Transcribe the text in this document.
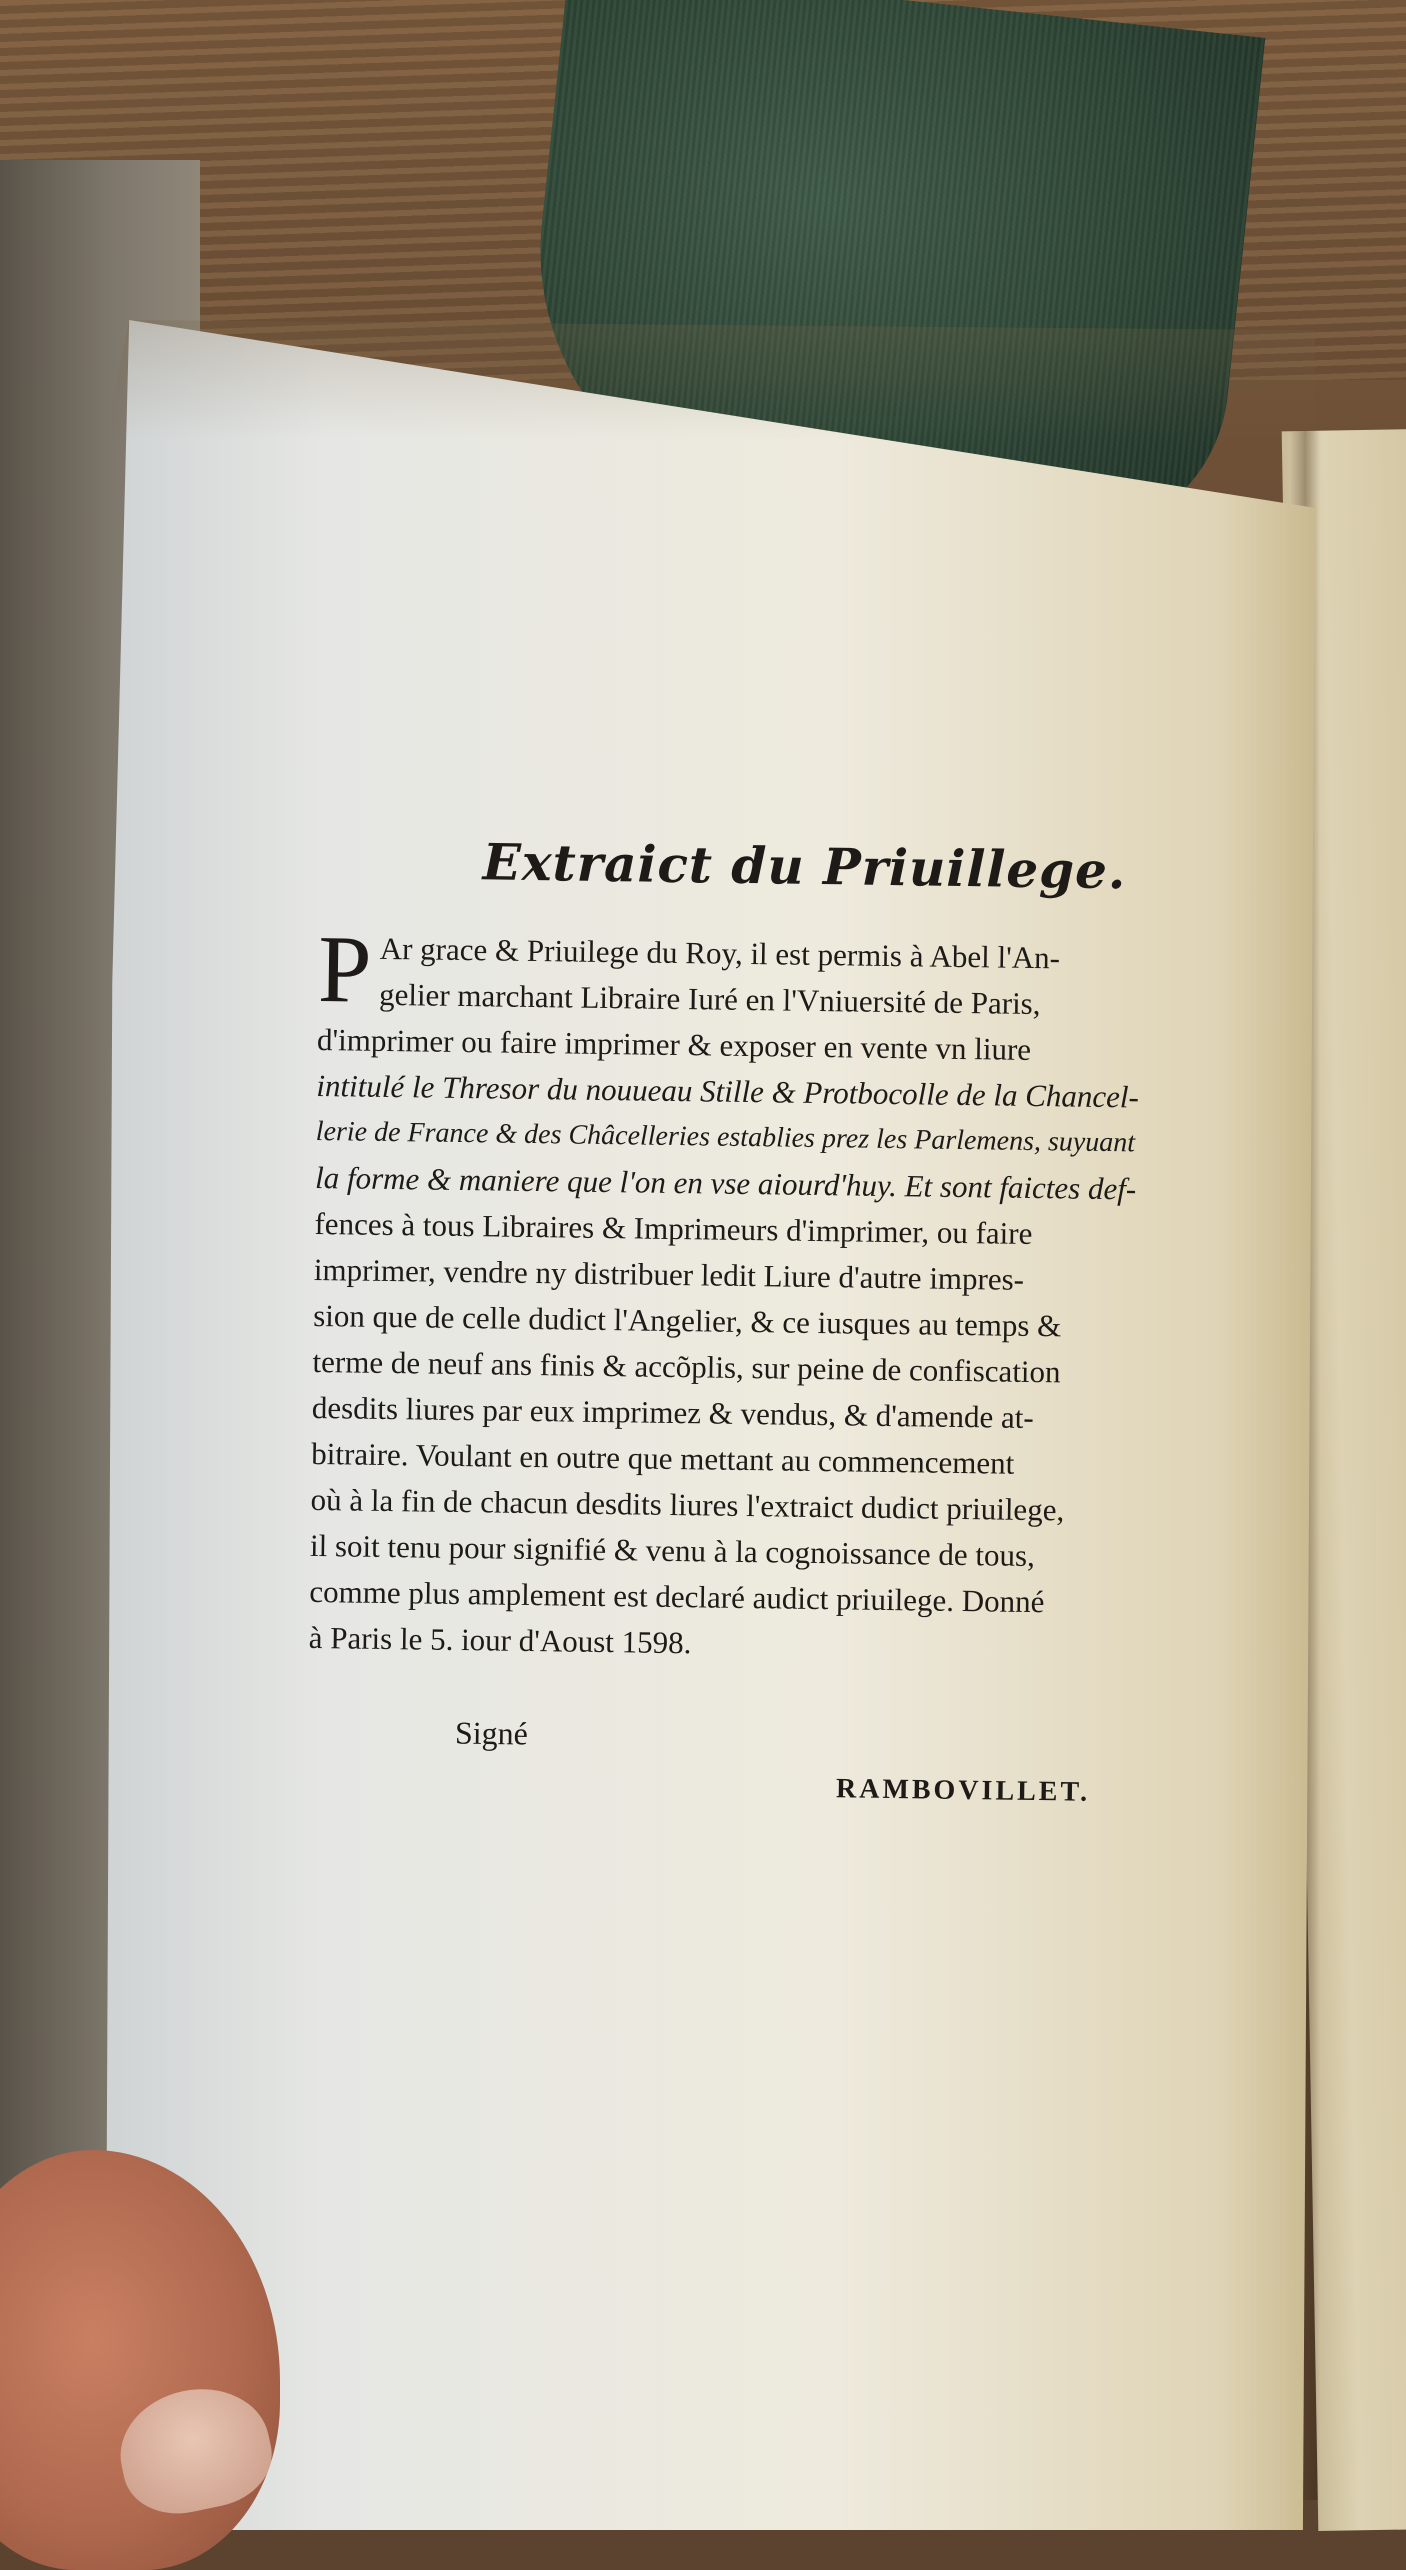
Extraict du Priuillege.
P Ar grace & Priuilege du Roy, il est permis à Abel l'An-
gelier marchant Libraire Iuré en l'Vniuersité de Paris,
d'imprimer ou faire imprimer & exposer en vente vn liure
intitulé le Thresor du nouueau Stille & Protbocolle de la Chancel-
lerie de France & des Châcelleries establies prez les Parlemens, suyuant
la forme & maniere que l'on en vse aiourd'huy. Et sont faictes def-
fences à tous Libraires & Imprimeurs d'imprimer, ou faire
imprimer, vendre ny distribuer ledit Liure d'autre impres-
sion que de celle dudict l'Angelier, & ce iusques au temps &
terme de neuf ans finis & accõplis, sur peine de confiscation
desdits liures par eux imprimez & vendus, & d'amende at-
bitraire. Voulant en outre que mettant au commencement
où à la fin de chacun desdits liures l'extraict dudict priuilege,
il soit tenu pour signifié & venu à la cognoissance de tous,
comme plus amplement est declaré audict priuilege. Donné
à Paris le 5. iour d'Aoust 1598.
Signé
RAMBOVILLET.
